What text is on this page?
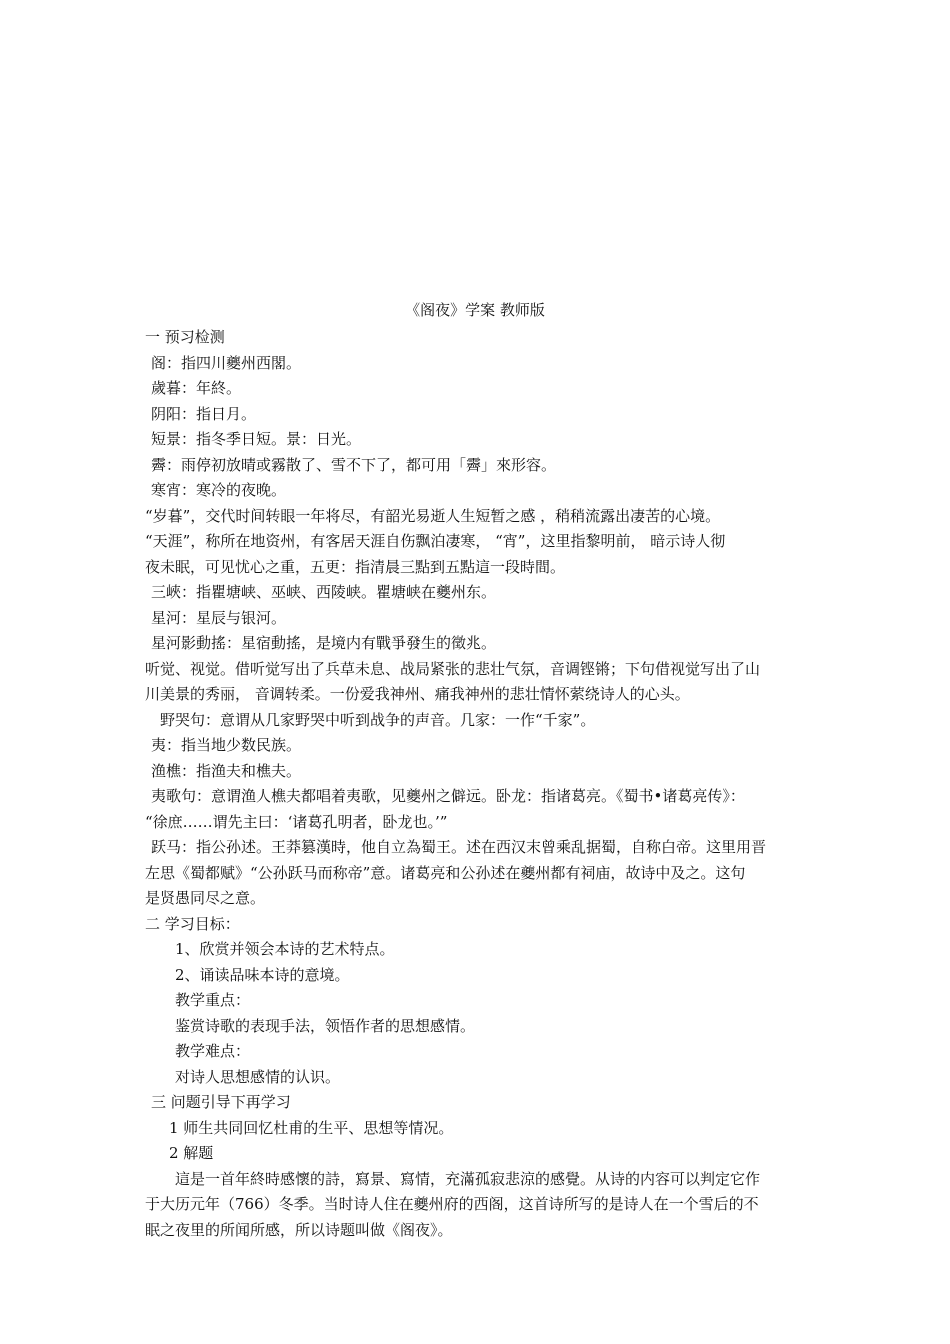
《阁夜》学案 教师版
一 预习检测
阁：指四川夔州西閣。
歲暮：年終。
阴阳：指日月。
短景：指冬季日短。景：日光。
霽：雨停初放晴或霧散了、雪不下了，都可用「霽」來形容。
寒宵：寒冷的夜晚。
“岁暮”，交代时间转眼一年将尽，有韶光易逝人生短暂之感 ，稍稍流露出凄苦的心境。
“天涯”，称所在地资州，有客居天涯自伤飘泊凄寒， “宵”，这里指黎明前， 暗示诗人彻
夜未眠，可见忧心之重，五更：指清晨三點到五點這一段時間。
三峽：指瞿塘峡、巫峡、西陵峡。瞿塘峡在夔州东。
星河：星辰与银河。
星河影動搖：星宿動搖，是境内有戰爭發生的徵兆。
听觉、视觉。借听觉写出了兵草未息、战局紧张的悲壮气氛，音调铿锵；下句借视觉写出了山
川美景的秀丽， 音调转柔。一份爱我神州、痛我神州的悲壮情怀萦绕诗人的心头。
野哭句：意谓从几家野哭中听到战争的声音。几家：一作“千家”。
夷：指当地少数民族。
渔樵：指渔夫和樵夫。
夷歌句：意谓渔人樵夫都唱着夷歌，见夔州之僻远。卧龙：指诸葛亮。《蜀书•诸葛亮传》：
“徐庶……谓先主曰：‘诸葛孔明者，卧龙也。’”
跃马：指公孙述。王莽篡漢時，他自立為蜀王。述在西汉末曾乘乱据蜀，自称白帝。这里用晋
左思《蜀都赋》“公孙跃马而称帝”意。诸葛亮和公孙述在夔州都有祠庙，故诗中及之。这句
是贤愚同尽之意。
二 学习目标：
1、欣赏并领会本诗的艺术特点。
2、诵读品味本诗的意境。
教学重点：
鉴赏诗歌的表现手法，领悟作者的思想感情。
教学难点：
对诗人思想感情的认识。
三 问题引导下再学习
1 师生共同回忆杜甫的生平、思想等情况。
2 解题
這是一首年終時感懷的詩，寫景、寫情，充滿孤寂悲涼的感覺。从诗的内容可以判定它作
于大历元年（766）冬季。当时诗人住在夔州府的西阁，这首诗所写的是诗人在一个雪后的不
眠之夜里的所闻所感，所以诗题叫做《阁夜》。
